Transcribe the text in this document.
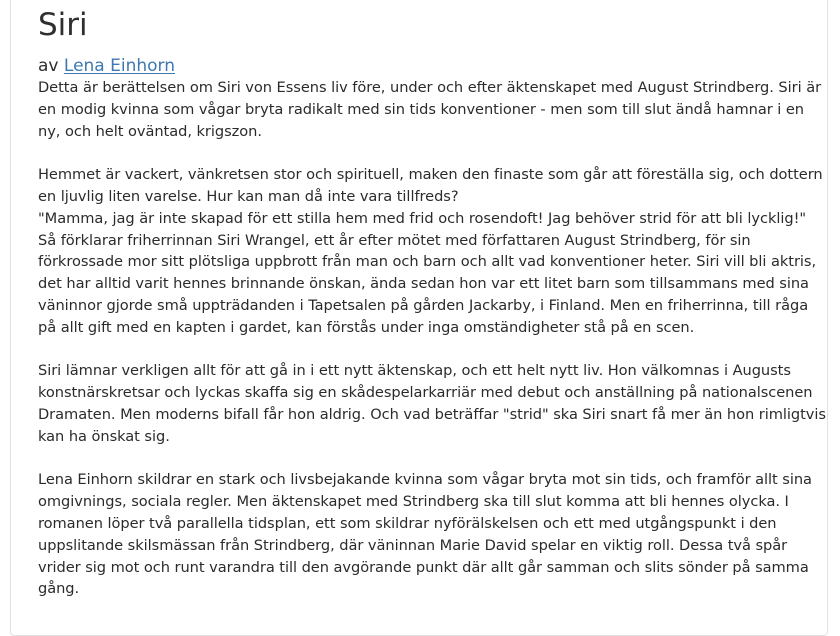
Siri
av Lena Einhorn

Detta är berättelsen om Siri von Essens liv före, under och efter äktenskapet med August Strindberg. Siri är en modig kvinna som vågar bryta radikalt med sin tids konventioner - men som till slut ändå hamnar i en ny, och helt oväntad, krigszon.

Hemmet är vackert, vänkretsen stor och spirituell, maken den finaste som går att föreställa sig, och dottern en ljuvlig liten varelse. Hur kan man då inte vara tillfreds?
"Mamma, jag är inte skapad för ett stilla hem med frid och rosendoft! Jag behöver strid för att bli lycklig!" Så förklarar friherrinnan Siri Wrangel, ett år efter mötet med författaren August Strindberg, för sin förkrossade mor sitt plötsliga uppbrott från man och barn och allt vad konventioner heter. Siri vill bli aktris, det har alltid varit hennes brinnande önskan, ända sedan hon var ett litet barn som tillsammans med sina väninnor gjorde små uppträdanden i Tapetsalen på gården Jackarby, i Finland. Men en friherrinna, till råga på allt gift med en kapten i gardet, kan förstås under inga omständigheter stå på en scen.

Siri lämnar verkligen allt för att gå in i ett nytt äktenskap, och ett helt nytt liv. Hon välkomnas i Augusts konstnärskretsar och lyckas skaffa sig en skådespelarkarriär med debut och anställning på nationalscenen Dramaten. Men moderns bifall får hon aldrig. Och vad beträffar "strid" ska Siri snart få mer än hon rimligtvis kan ha önskat sig.

Lena Einhorn skildrar en stark och livsbejakande kvinna som vågar bryta mot sin tids, och framför allt sina omgivnings, sociala regler. Men äktenskapet med Strindberg ska till slut komma att bli hennes olycka. I romanen löper två parallella tidsplan, ett som skildrar nyförälskelsen och ett med utgångspunkt i den uppslitande skilsmässan från Strindberg, där väninnan Marie David spelar en viktig roll. Dessa två spår vrider sig mot och runt varandra till den avgörande punkt där allt går samman och slits sönder på samma gång.
